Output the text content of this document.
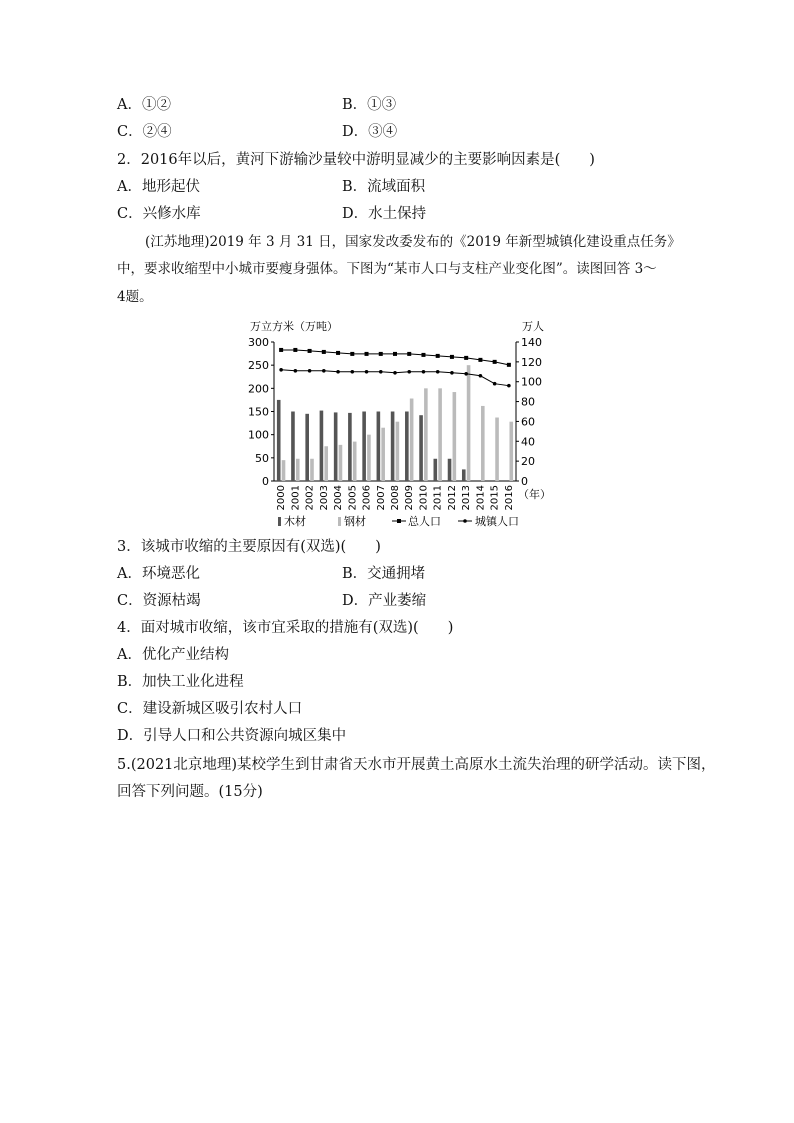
A．①②	B．①③
C．②④	D．③④
2．2016年以后，黄河下游输沙量较中游明显减少的主要影响因素是(　　)
A．地形起伏	B．流域面积
C．兴修水库	D．水土保持
(江苏地理)2019 年 3 月 31 日，国家发改委发布的《2019 年新型城镇化建设重点任务》
中，要求收缩型中小城市要瘦身强体。下图为“某市人口与支柱产业变化图”。读图回答 3～
4题。
万立方米（万吨）	万人
0
50
100
150
200
250
300
0
20
40
60
80
100
120
140
2000 2001 2002 2003 2004 2005 2006 2007 2008 2009 2010 2011 2012 2013 2014 2015 2016 （年）
木材	钢材	总人口	城镇人口
3．该城市收缩的主要原因有(双选)(　　)
A．环境恶化	B．交通拥堵
C．资源枯竭	D．产业萎缩
4．面对城市收缩，该市宜采取的措施有(双选)(　　)
A．优化产业结构
B．加快工业化进程
C．建设新城区吸引农村人口
D．引导人口和公共资源向城区集中
5.(2021北京地理)某校学生到甘肃省天水市开展黄土高原水土流失治理的研学活动。读下图，
回答下列问题。(15分)
